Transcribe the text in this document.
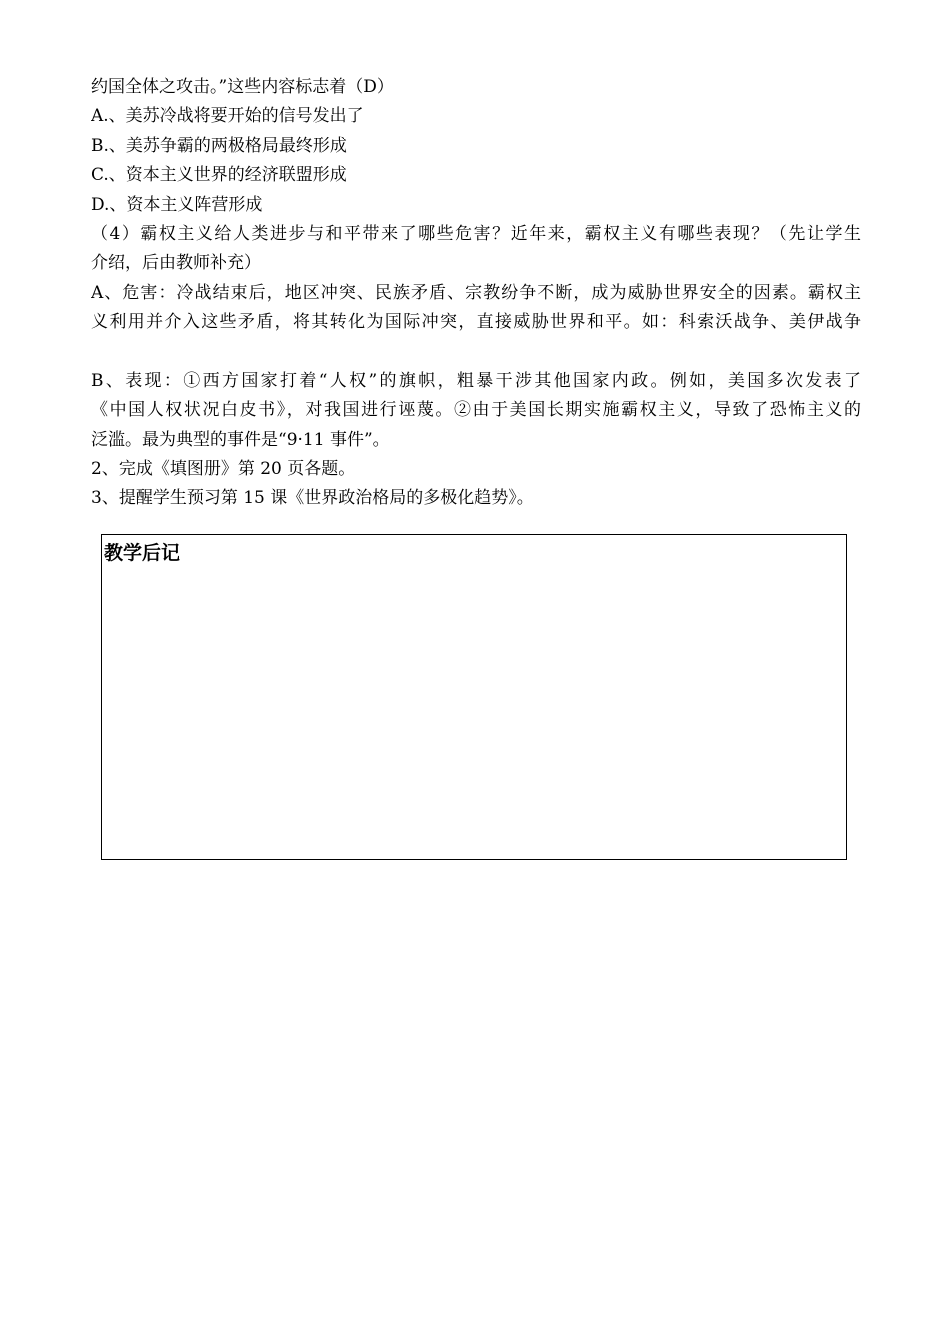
约国全体之攻击。”这些内容标志着（D）
A.、美苏冷战将要开始的信号发出了
B.、美苏争霸的两极格局最终形成
C.、资本主义世界的经济联盟形成
D.、资本主义阵营形成
（4）霸权主义给人类进步与和平带来了哪些危害？近年来，霸权主义有哪些表现？（先让学生
介绍，后由教师补充）
A、危害：冷战结束后，地区冲突、民族矛盾、宗教纷争不断，成为威胁世界安全的因素。霸权主
义利用并介入这些矛盾，将其转化为国际冲突，直接威胁世界和平。如：科索沃战争、美伊战争
B、表现：①西方国家打着“人权”的旗帜，粗暴干涉其他国家内政。例如，美国多次发表了
《中国人权状况白皮书》，对我国进行诬蔑。②由于美国长期实施霸权主义，导致了恐怖主义的
泛滥。最为典型的事件是“9·11 事件”。
2、完成《填图册》第 20 页各题。
3、提醒学生预习第 15 课《世界政治格局的多极化趋势》。
教学后记
